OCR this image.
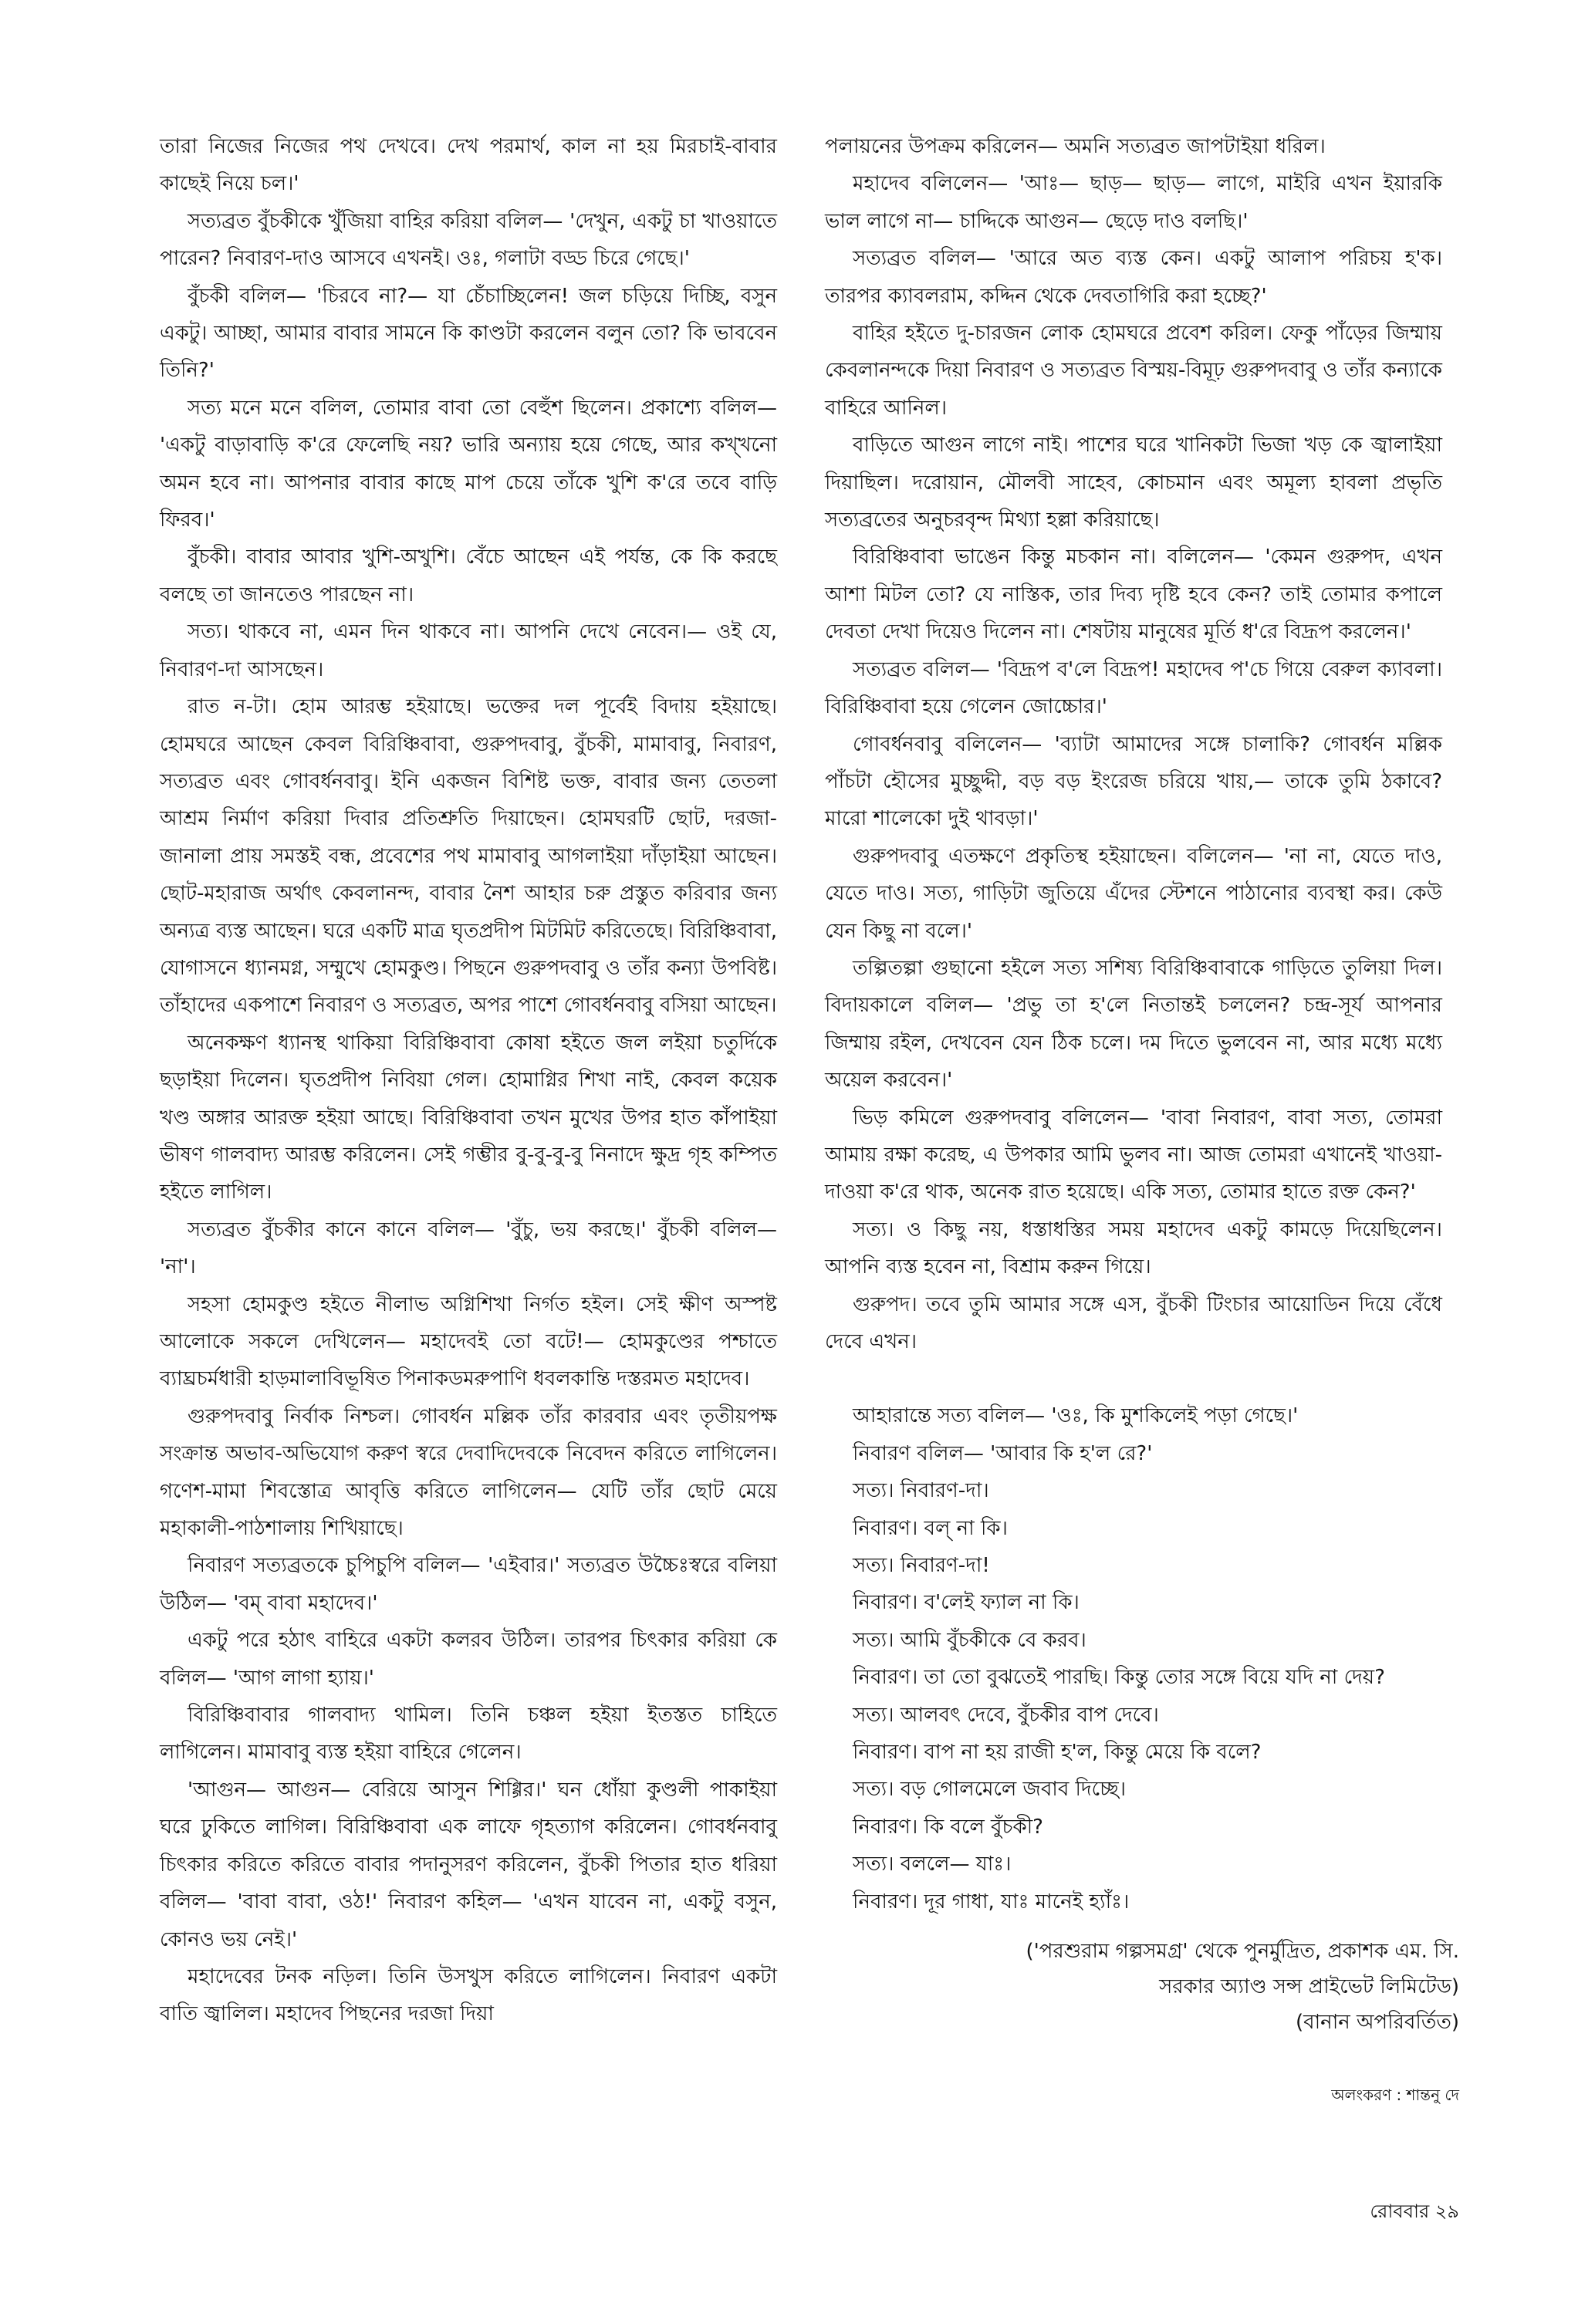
তারা নিজের নিজের পথ দেখবে। দেখ পরমার্থ, কাল না হয় মিরচাই-বাবার কাছেই নিয়ে চল।'

সত্যব্রত বুঁচকীকে খুঁজিয়া বাহির করিয়া বলিল— 'দেখুন, একটু চা খাওয়াতে পারেন? নিবারণ-দাও আসবে এখনই। ওঃ, গলাটা বড্ড চিরে গেছে।'

বুঁচকী বলিল— 'চিরবে না?— যা চেঁচাচ্ছিলেন! জল চড়িয়ে দিচ্ছি, বসুন একটু। আচ্ছা, আমার বাবার সামনে কি কাণ্ডটা করলেন বলুন তো? কি ভাববেন তিনি?'

সত্য মনে মনে বলিল, তোমার বাবা তো বেহুঁশ ছিলেন। প্রকাশ্যে বলিল— 'একটু বাড়াবাড়ি ক'রে ফেলেছি নয়? ভারি অন্যায় হয়ে গেছে, আর কখ্খনো অমন হবে না। আপনার বাবার কাছে মাপ চেয়ে তাঁকে খুশি ক'রে তবে বাড়ি ফিরব।'

বুঁচকী। বাবার আবার খুশি-অখুশি। বেঁচে আছেন এই পর্যন্ত, কে কি করছে বলছে তা জানতেও পারছেন না।

সত্য। থাকবে না, এমন দিন থাকবে না। আপনি দেখে নেবেন।— ওই যে, নিবারণ-দা আসছেন।

রাত ন-টা। হোম আরম্ভ হইয়াছে। ভক্তের দল পূর্বেই বিদায় হইয়াছে। হোমঘরে আছেন কেবল বিরিঞ্চিবাবা, গুরুপদবাবু, বুঁচকী, মামাবাবু, নিবারণ, সত্যব্রত এবং গোবর্ধনবাবু। ইনি একজন বিশিষ্ট ভক্ত, বাবার জন্য তেতলা আশ্রম নির্মাণ করিয়া দিবার প্রতিশ্রুতি দিয়াছেন। হোমঘরটি ছোট, দরজা-জানালা প্রায় সমস্তই বন্ধ, প্রবেশের পথ মামাবাবু আগলাইয়া দাঁড়াইয়া আছেন। ছোট-মহারাজ অর্থাৎ কেবলানন্দ, বাবার নৈশ আহার চরু প্রস্তুত করিবার জন্য অন্যত্র ব্যস্ত আছেন। ঘরে একটি মাত্র ঘৃতপ্রদীপ মিটমিট করিতেছে। বিরিঞ্চিবাবা, যোগাসনে ধ্যানমগ্ন, সম্মুখে হোমকুণ্ড। পিছনে গুরুপদবাবু ও তাঁর কন্যা উপবিষ্ট। তাঁহাদের একপাশে নিবারণ ও সত্যব্রত, অপর পাশে গোবর্ধনবাবু বসিয়া আছেন।

অনেকক্ষণ ধ্যানস্থ থাকিয়া বিরিঞ্চিবাবা কোষা হইতে জল লইয়া চতুর্দিকে ছড়াইয়া দিলেন। ঘৃতপ্রদীপ নিবিয়া গেল। হোমাগ্নির শিখা নাই, কেবল কয়েক খণ্ড অঙ্গার আরক্ত হইয়া আছে। বিরিঞ্চিবাবা তখন মুখের উপর হাত কাঁপাইয়া ভীষণ গালবাদ্য আরম্ভ করিলেন। সেই গম্ভীর বু-বু-বু-বু নিনাদে ক্ষুদ্র গৃহ কম্পিত হইতে লাগিল।

সত্যব্রত বুঁচকীর কানে কানে বলিল— 'বুঁচু, ভয় করছে।' বুঁচকী বলিল— 'না'।

সহসা হোমকুণ্ড হইতে নীলাভ অগ্নিশিখা নির্গত হইল। সেই ক্ষীণ অস্পষ্ট আলোকে সকলে দেখিলেন— মহাদেবই তো বটে!— হোমকুণ্ডের পশ্চাতে ব্যাঘ্রচর্মধারী হাড়মালাবিভূষিত পিনাকডমরুপাণি ধবলকান্তি দস্তরমত মহাদেব।

গুরুপদবাবু নির্বাক নিশ্চল। গোবর্ধন মল্লিক তাঁর কারবার এবং তৃতীয়পক্ষ সংক্রান্ত অভাব-অভিযোগ করুণ স্বরে দেবাদিদেবকে নিবেদন করিতে লাগিলেন। গণেশ-মামা শিবস্তোত্র আবৃত্তি করিতে লাগিলেন— যেটি তাঁর ছোট মেয়ে মহাকালী-পাঠশালায় শিখিয়াছে।

নিবারণ সত্যব্রতকে চুপিচুপি বলিল— 'এইবার।' সত্যব্রত উচ্চৈঃস্বরে বলিয়া উঠিল— 'বম্ বাবা মহাদেব।'

একটু পরে হঠাৎ বাহিরে একটা কলরব উঠিল। তারপর চিৎকার করিয়া কে বলিল— 'আগ লাগা হ্যায়।'

বিরিঞ্চিবাবার গালবাদ্য থামিল। তিনি চঞ্চল হইয়া ইতস্তত চাহিতে লাগিলেন। মামাবাবু ব্যস্ত হইয়া বাহিরে গেলেন।

'আগুন— আগুন— বেরিয়ে আসুন শিগ্গির।' ঘন ধোঁয়া কুণ্ডলী পাকাইয়া ঘরে ঢুকিতে লাগিল। বিরিঞ্চিবাবা এক লাফে গৃহত্যাগ করিলেন। গোবর্ধনবাবু চিৎকার করিতে করিতে বাবার পদানুসরণ করিলেন, বুঁচকী পিতার হাত ধরিয়া বলিল— 'বাবা বাবা, ওঠ!' নিবারণ কহিল— 'এখন যাবেন না, একটু বসুন, কোনও ভয় নেই।'

মহাদেবের টনক নড়িল। তিনি উসখুস করিতে লাগিলেন। নিবারণ একটা বাতি জ্বালিল। মহাদেব পিছনের দরজা দিয়া

পলায়নের উপক্রম করিলেন— অমনি সত্যব্রত জাপটাইয়া ধরিল।

মহাদেব বলিলেন— 'আঃ— ছাড়— ছাড়— লাগে, মাইরি এখন ইয়ারকি ভাল লাগে না— চাদ্দিকে আগুন— ছেড়ে দাও বলছি।'

সত্যব্রত বলিল— 'আরে অত ব্যস্ত কেন। একটু আলাপ পরিচয় হ'ক। তারপর ক্যাবলরাম, কদ্দিন থেকে দেবতাগিরি করা হচ্ছে?'

বাহির হইতে দু-চারজন লোক হোমঘরে প্রবেশ করিল। ফেকু পাঁড়ের জিম্মায় কেবলানন্দকে দিয়া নিবারণ ও সত্যব্রত বিস্ময়-বিমূঢ় গুরুপদবাবু ও তাঁর কন্যাকে বাহিরে আনিল।

বাড়িতে আগুন লাগে নাই। পাশের ঘরে খানিকটা ভিজা খড় কে জ্বালাইয়া দিয়াছিল। দরোয়ান, মৌলবী সাহেব, কোচমান এবং অমূল্য হাবলা প্রভৃতি সত্যব্রতের অনুচরবৃন্দ মিথ্যা হল্লা করিয়াছে।

বিরিঞ্চিবাবা ভাঙেন কিন্তু মচকান না। বলিলেন— 'কেমন গুরুপদ, এখন আশা মিটল তো? যে নাস্তিক, তার দিব্য দৃষ্টি হবে কেন? তাই তোমার কপালে দেবতা দেখা দিয়েও দিলেন না। শেষটায় মানুষের মূর্তি ধ'রে বিদ্রূপ করলেন।'

সত্যব্রত বলিল— 'বিদ্রূপ ব'লে বিদ্রূপ! মহাদেব প'চে গিয়ে বেরুল ক্যাবলা। বিরিঞ্চিবাবা হয়ে গেলেন জোচ্চোর।'

গোবর্ধনবাবু বলিলেন— 'ব্যাটা আমাদের সঙ্গে চালাকি? গোবর্ধন মল্লিক পাঁচটা হৌসের মুচ্ছুদ্দী, বড় বড় ইংরেজ চরিয়ে খায়,— তাকে তুমি ঠকাবে? মারো শালেকো দুই থাবড়া।'

গুরুপদবাবু এতক্ষণে প্রকৃতিস্থ হইয়াছেন। বলিলেন— 'না না, যেতে দাও, যেতে দাও। সত্য, গাড়িটা জুতিয়ে এঁদের স্টেশনে পাঠানোর ব্যবস্থা কর। কেউ যেন কিছু না বলে।'

তল্পিতল্পা গুছানো হইলে সত্য সশিষ্য বিরিঞ্চিবাবাকে গাড়িতে তুলিয়া দিল। বিদায়কালে বলিল— 'প্রভু তা হ'লে নিতান্তই চললেন? চন্দ্র-সূর্য আপনার জিম্মায় রইল, দেখবেন যেন ঠিক চলে। দম দিতে ভুলবেন না, আর মধ্যে মধ্যে অয়েল করবেন।'

ভিড় কমিলে গুরুপদবাবু বলিলেন— 'বাবা নিবারণ, বাবা সত্য, তোমরা আমায় রক্ষা করেছ, এ উপকার আমি ভুলব না। আজ তোমরা এখানেই খাওয়া-দাওয়া ক'রে থাক, অনেক রাত হয়েছে। একি সত্য, তোমার হাতে রক্ত কেন?'

সত্য। ও কিছু নয়, ধস্তাধস্তির সময় মহাদেব একটু কামড়ে দিয়েছিলেন। আপনি ব্যস্ত হবেন না, বিশ্রাম করুন গিয়ে।

গুরুপদ। তবে তুমি আমার সঙ্গে এস, বুঁচকী টিংচার আয়োডিন দিয়ে বেঁধে দেবে এখন।

আহারান্তে সত্য বলিল— 'ওঃ, কি মুশকিলেই পড়া গেছে।'

নিবারণ বলিল— 'আবার কি হ'ল রে?'

সত্য। নিবারণ-দা।

নিবারণ। বল্ না কি।

সত্য। নিবারণ-দা!

নিবারণ। ব'লেই ফ্যাল না কি।

সত্য। আমি বুঁচকীকে বে করব।

নিবারণ। তা তো বুঝতেই পারছি। কিন্তু তোর সঙ্গে বিয়ে যদি না দেয়?

সত্য। আলবৎ দেবে, বুঁচকীর বাপ দেবে।

নিবারণ। বাপ না হয় রাজী হ'ল, কিন্তু মেয়ে কি বলে?

সত্য। বড় গোলমেলে জবাব দিচ্ছে।

নিবারণ। কি বলে বুঁচকী?

সত্য। বললে— যাঃ।

নিবারণ। দূর গাধা, যাঃ মানেই হ্যাঁঃ।

('পরশুরাম গল্পসমগ্র' থেকে পুনর্মুদ্রিত, প্রকাশক এম. সি.
সরকার অ্যাণ্ড সন্স প্রাইভেট লিমিটেড)
(বানান অপরিবর্তিত)
অলংকরণ : শান্তনু দে
রোববার ২৯
